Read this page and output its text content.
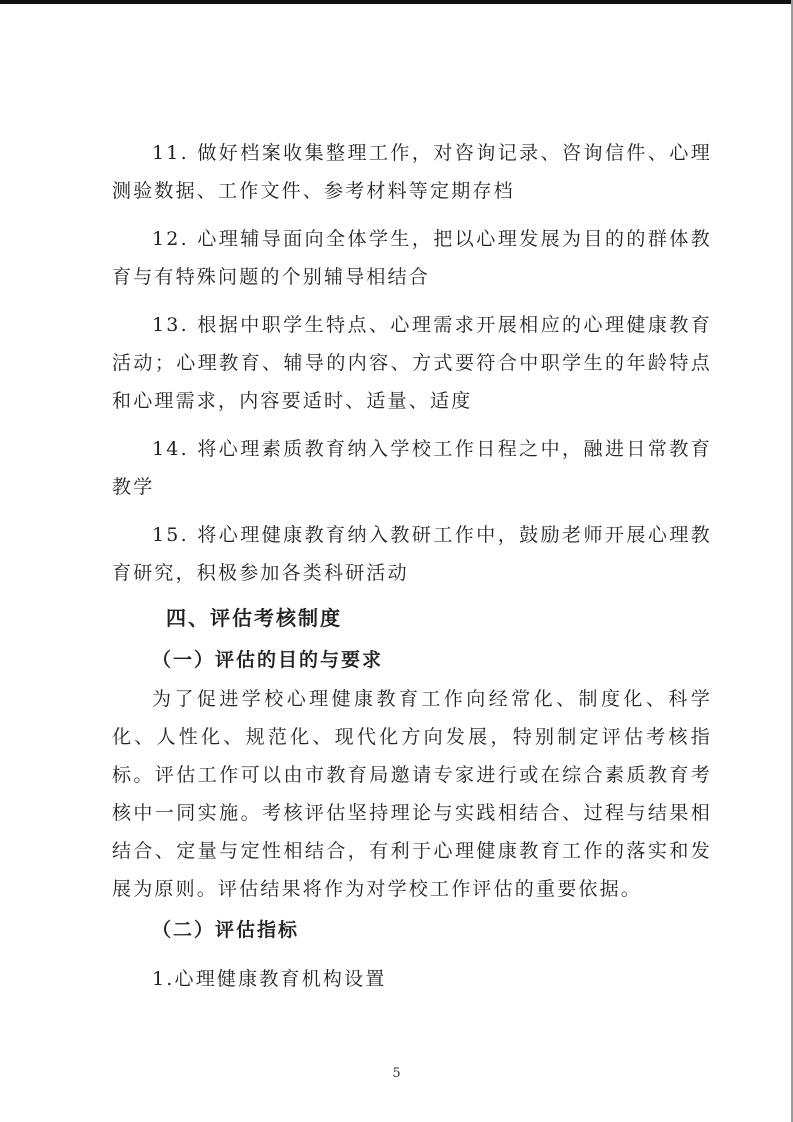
11. 做好档案收集整理工作，对咨询记录、咨询信件、心理测验数据、工作文件、参考材料等定期存档

12. 心理辅导面向全体学生，把以心理发展为目的的群体教育与有特殊问题的个别辅导相结合

13. 根据中职学生特点、心理需求开展相应的心理健康教育活动；心理教育、辅导的内容、方式要符合中职学生的年龄特点和心理需求，内容要适时、适量、适度

14. 将心理素质教育纳入学校工作日程之中，融进日常教育教学

15. 将心理健康教育纳入教研工作中，鼓励老师开展心理教育研究，积极参加各类科研活动

四、评估考核制度
（一）评估的目的与要求

为了促进学校心理健康教育工作向经常化、制度化、科学化、人性化、规范化、现代化方向发展，特别制定评估考核指标。评估工作可以由市教育局邀请专家进行或在综合素质教育考核中一同实施。考核评估坚持理论与实践相结合、过程与结果相结合、定量与定性相结合，有利于心理健康教育工作的落实和发展为原则。评估结果将作为对学校工作评估的重要依据。

（二）评估指标

1.心理健康教育机构设置

5
